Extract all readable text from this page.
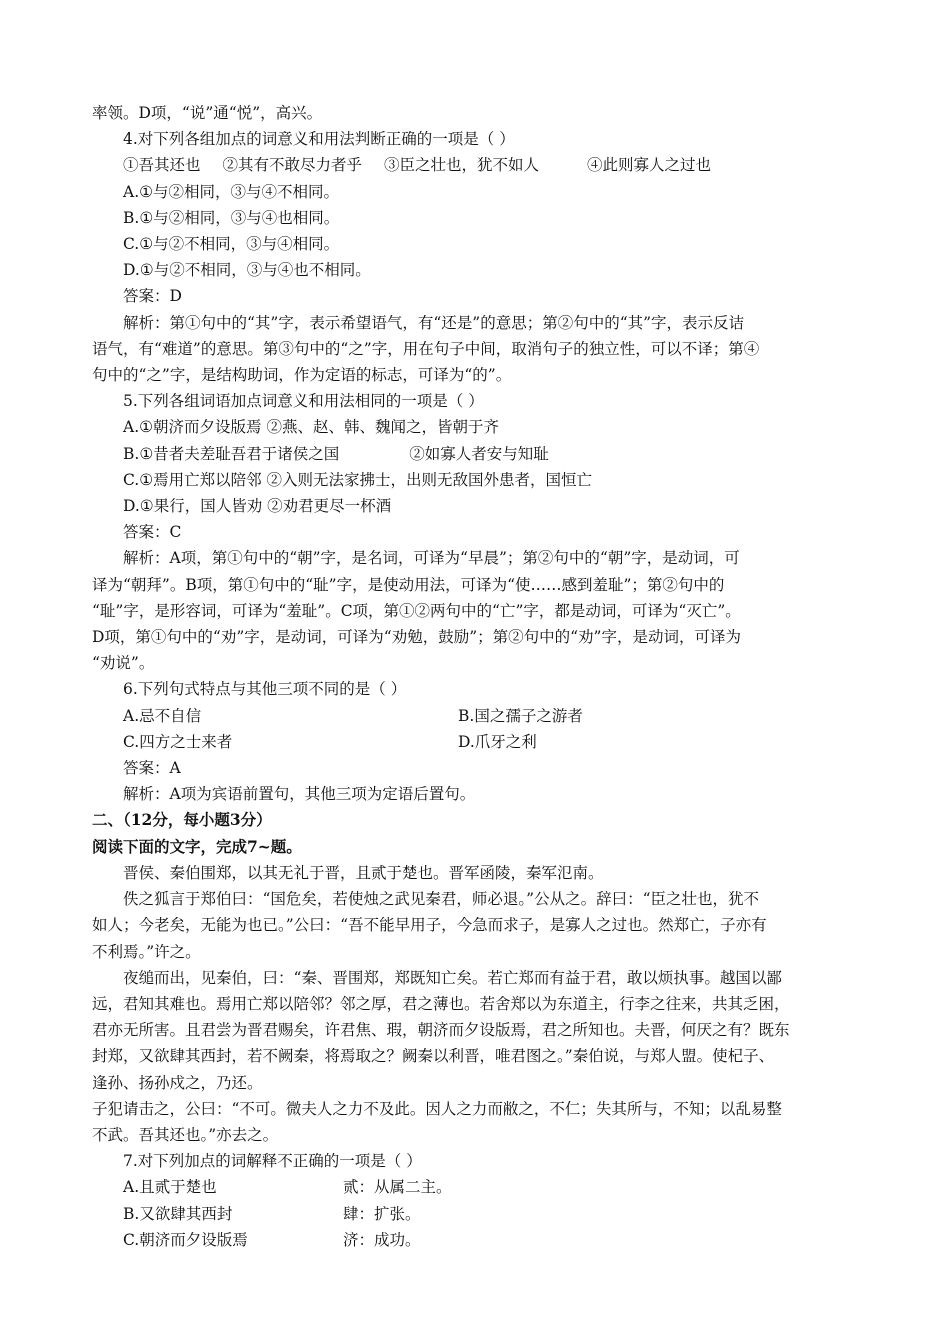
率领。D项，“说”通“悦”，高兴。
4.对下列各组加点的词意义和用法判断正确的一项是（ ）
①吾其还也 ②其有不敢尽力者乎 ③臣之壮也，犹不如人	④此则寡人之过也
A.①与②相同，③与④不相同。
B.①与②相同，③与④也相同。
C.①与②不相同，③与④相同。
D.①与②不相同，③与④也不相同。
答案：D
解析：第①句中的“其”字，表示希望语气，有“还是”的意思；第②句中的“其”字，表示反诘
语气，有“难道”的意思。第③句中的“之”字，用在句子中间，取消句子的独立性，可以不译；第④
句中的“之”字，是结构助词，作为定语的标志，可译为“的”。
5.下列各组词语加点词意义和用法相同的一项是（ ）
A.①朝济而夕设版焉 ②燕、赵、韩、魏闻之，皆朝于齐
B.①昔者夫差耻吾君于诸侯之国	②如寡人者安与知耻
C.①焉用亡郑以陪邻 ②入则无法家拂士，出则无敌国外患者，国恒亡
D.①果行，国人皆劝 ②劝君更尽一杯酒
答案：C
解析：A项，第①句中的“朝”字，是名词，可译为“早晨”；第②句中的“朝”字，是动词，可
译为“朝拜”。B项，第①句中的“耻”字，是使动用法，可译为“使……感到羞耻”；第②句中的
“耻”字，是形容词，可译为“羞耻”。C项，第①②两句中的“亡”字，都是动词，可译为“灭亡”。
D项，第①句中的“劝”字，是动词，可译为“劝勉，鼓励”；第②句中的“劝”字，是动词，可译为
“劝说”。
6.下列句式特点与其他三项不同的是（ ）
A.忌不自信	B.国之孺子之游者
C.四方之士来者	D.爪牙之利
答案：A
解析：A项为宾语前置句，其他三项为定语后置句。
二、（12分，每小题3分）
阅读下面的文字，完成7~题。
晋侯、秦伯围郑，以其无礼于晋，且贰于楚也。晋军函陵，秦军氾南。
佚之狐言于郑伯曰：“国危矣，若使烛之武见秦君，师必退。”公从之。辞曰：“臣之壮也，犹不
如人；今老矣，无能为也已。”公曰：“吾不能早用子，今急而求子，是寡人之过也。然郑亡，子亦有
不利焉。”许之。
夜缒而出，见秦伯，曰：“秦、晋围郑，郑既知亡矣。若亡郑而有益于君，敢以烦执事。越国以鄙
远，君知其难也。焉用亡郑以陪邻？邻之厚，君之薄也。若舍郑以为东道主，行李之往来，共其乏困，
君亦无所害。且君尝为晋君赐矣，许君焦、瑕，朝济而夕设版焉，君之所知也。夫晋，何厌之有？既东
封郑，又欲肆其西封，若不阙秦，将焉取之？阙秦以利晋，唯君图之。”秦伯说，与郑人盟。使杞子、
逢孙、扬孙戍之，乃还。
子犯请击之，公曰：“不可。微夫人之力不及此。因人之力而敝之，不仁；失其所与，不知；以乱易整
不武。吾其还也。”亦去之。
7.对下列加点的词解释不正确的一项是（ ）
A.且贰于楚也	贰：从属二主。
B.又欲肆其西封	肆：扩张。
C.朝济而夕设版焉	济：成功。
